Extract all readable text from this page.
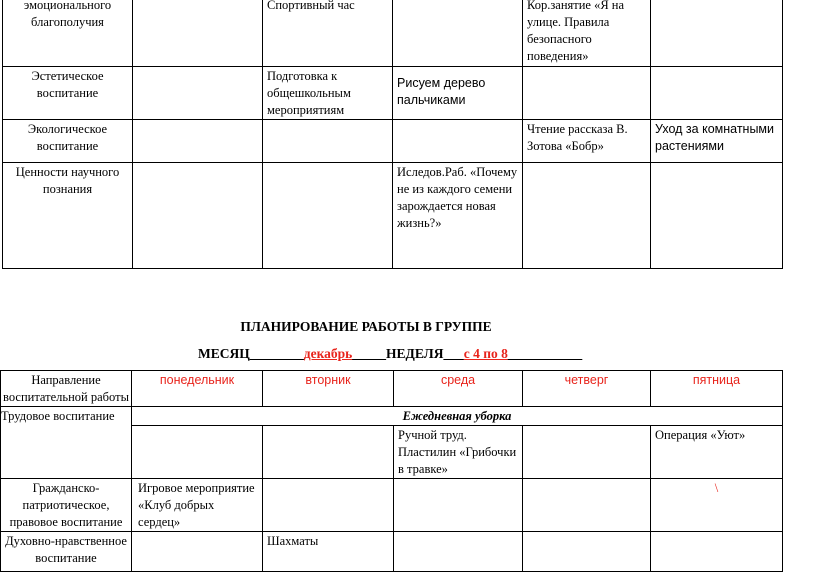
эмоционального благополучия		Спортивный час		Кор.занятие «Я на улице. Правила безопасного поведения»	
Эстетическое воспитание		Подготовка к общешкольным мероприятиям	Рисуем дерево пальчиками		
Экологическое воспитание				Чтение рассказа В. Зотова «Бобр»	Уход за комнатными растениями
Ценности научного познания			Иследов.Раб. «Почему не из каждого семени зарождается новая жизнь?»		
ПЛАНИРОВАНИЕ РАБОТЫ В ГРУППЕ

МЕСЯЦ________декабрь_____НЕДЕЛЯ___с 4 по 8___________

Направление воспитательной работы	понедельник	вторник	среда	четверг	пятница
Трудовое воспитание	Ежедневная уборка				
			Ручной труд. Пластилин «Грибочки в травке»		Операция «Уют»
Гражданско-патриотическое, правовое воспитание	Игровое мероприятие «Клуб добрых сердец»				\
Духовно-нравственное воспитание		Шахматы			
